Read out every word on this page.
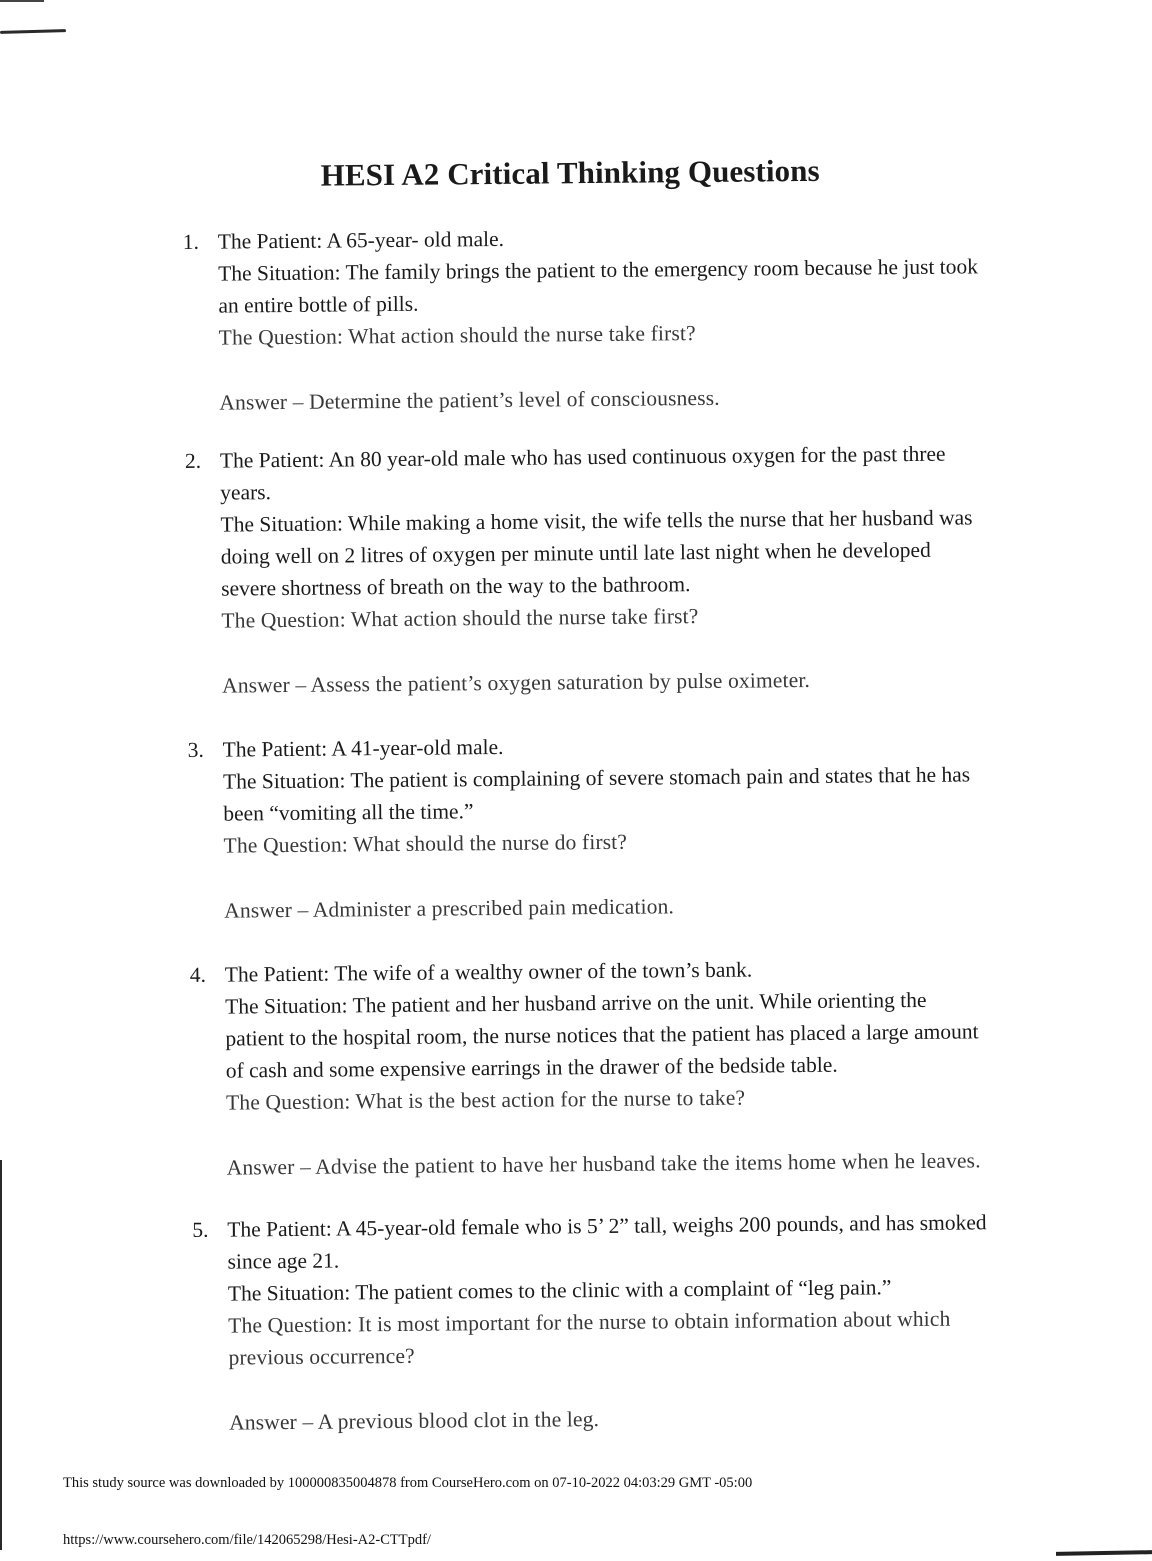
HESI A2 Critical Thinking Questions
1. The Patient: A 65-year- old male.
The Situation: The family brings the patient to the emergency room because he just took an entire bottle of pills.
The Question: What action should the nurse take first?
Answer – Determine the patient’s level of consciousness.
2. The Patient: An 80 year-old male who has used continuous oxygen for the past three years.
The Situation: While making a home visit, the wife tells the nurse that her husband was doing well on 2 litres of oxygen per minute until late last night when he developed severe shortness of breath on the way to the bathroom.
The Question: What action should the nurse take first?
Answer – Assess the patient’s oxygen saturation by pulse oximeter.
3. The Patient: A 41-year-old male.
The Situation: The patient is complaining of severe stomach pain and states that he has been “vomiting all the time.”
The Question: What should the nurse do first?
Answer – Administer a prescribed pain medication.
4. The Patient: The wife of a wealthy owner of the town’s bank.
The Situation: The patient and her husband arrive on the unit. While orienting the patient to the hospital room, the nurse notices that the patient has placed a large amount of cash and some expensive earrings in the drawer of the bedside table.
The Question: What is the best action for the nurse to take?
Answer – Advise the patient to have her husband take the items home when he leaves.
5. The Patient: A 45-year-old female who is 5’ 2” tall, weighs 200 pounds, and has smoked since age 21.
The Situation: The patient comes to the clinic with a complaint of “leg pain.”
The Question: It is most important for the nurse to obtain information about which previous occurrence?
Answer – A previous blood clot in the leg.

This study source was downloaded by 100000835004878 from CourseHero.com on 07-10-2022 04:03:29 GMT -05:00

https://www.coursehero.com/file/142065298/Hesi-A2-CTTpdf/
